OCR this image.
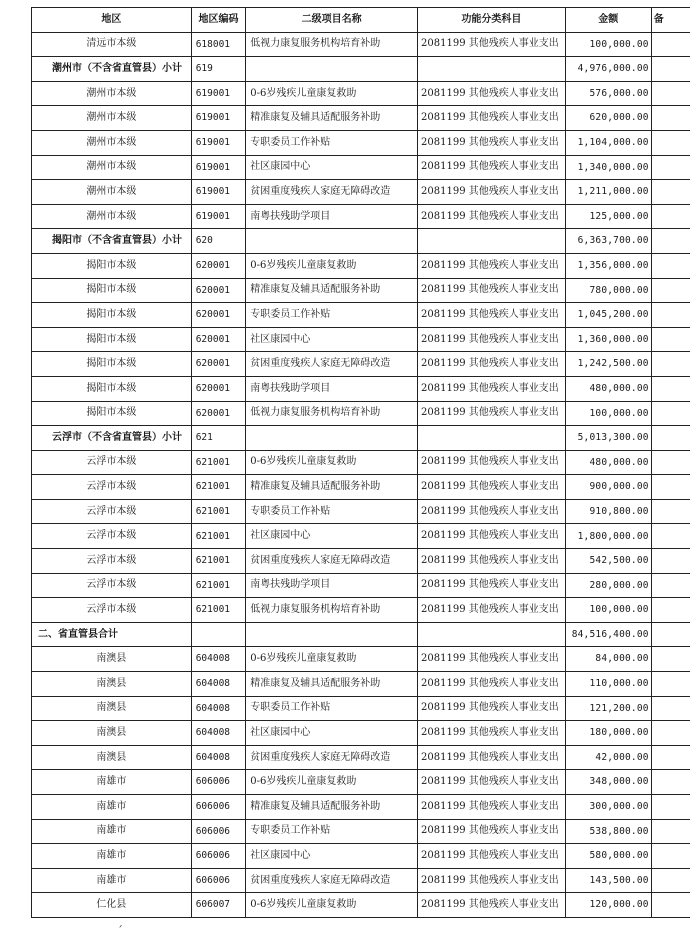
地区	地区编码	二级项目名称	功能分类科目	金额	备
清远市本级	618001	低视力康复服务机构培育补助	2081199 其他残疾人事业支出	100,000.00	
潮州市（不含省直管县）小计	619			4,976,000.00	
潮州市本级	619001	0-6岁残疾儿童康复救助	2081199 其他残疾人事业支出	576,000.00	
潮州市本级	619001	精准康复及辅具适配服务补助	2081199 其他残疾人事业支出	620,000.00	
潮州市本级	619001	专职委员工作补贴	2081199 其他残疾人事业支出	1,104,000.00	
潮州市本级	619001	社区康园中心	2081199 其他残疾人事业支出	1,340,000.00	
潮州市本级	619001	贫困重度残疾人家庭无障碍改造	2081199 其他残疾人事业支出	1,211,000.00	
潮州市本级	619001	南粤扶残助学项目	2081199 其他残疾人事业支出	125,000.00	
揭阳市（不含省直管县）小计	620			6,363,700.00	
揭阳市本级	620001	0-6岁残疾儿童康复救助	2081199 其他残疾人事业支出	1,356,000.00	
揭阳市本级	620001	精准康复及辅具适配服务补助	2081199 其他残疾人事业支出	780,000.00	
揭阳市本级	620001	专职委员工作补贴	2081199 其他残疾人事业支出	1,045,200.00	
揭阳市本级	620001	社区康园中心	2081199 其他残疾人事业支出	1,360,000.00	
揭阳市本级	620001	贫困重度残疾人家庭无障碍改造	2081199 其他残疾人事业支出	1,242,500.00	
揭阳市本级	620001	南粤扶残助学项目	2081199 其他残疾人事业支出	480,000.00	
揭阳市本级	620001	低视力康复服务机构培育补助	2081199 其他残疾人事业支出	100,000.00	
云浮市（不含省直管县）小计	621			5,013,300.00	
云浮市本级	621001	0-6岁残疾儿童康复救助	2081199 其他残疾人事业支出	480,000.00	
云浮市本级	621001	精准康复及辅具适配服务补助	2081199 其他残疾人事业支出	900,000.00	
云浮市本级	621001	专职委员工作补贴	2081199 其他残疾人事业支出	910,800.00	
云浮市本级	621001	社区康园中心	2081199 其他残疾人事业支出	1,800,000.00	
云浮市本级	621001	贫困重度残疾人家庭无障碍改造	2081199 其他残疾人事业支出	542,500.00	
云浮市本级	621001	南粤扶残助学项目	2081199 其他残疾人事业支出	280,000.00	
云浮市本级	621001	低视力康复服务机构培育补助	2081199 其他残疾人事业支出	100,000.00	
二、省直管县合计				84,516,400.00	
南澳县	604008	0-6岁残疾儿童康复救助	2081199 其他残疾人事业支出	84,000.00	
南澳县	604008	精准康复及辅具适配服务补助	2081199 其他残疾人事业支出	110,000.00	
南澳县	604008	专职委员工作补贴	2081199 其他残疾人事业支出	121,200.00	
南澳县	604008	社区康园中心	2081199 其他残疾人事业支出	180,000.00	
南澳县	604008	贫困重度残疾人家庭无障碍改造	2081199 其他残疾人事业支出	42,000.00	
南雄市	606006	0-6岁残疾儿童康复救助	2081199 其他残疾人事业支出	348,000.00	
南雄市	606006	精准康复及辅具适配服务补助	2081199 其他残疾人事业支出	300,000.00	
南雄市	606006	专职委员工作补贴	2081199 其他残疾人事业支出	538,800.00	
南雄市	606006	社区康园中心	2081199 其他残疾人事业支出	580,000.00	
南雄市	606006	贫困重度残疾人家庭无障碍改造	2081199 其他残疾人事业支出	143,500.00	
仁化县	606007	0-6岁残疾儿童康复救助	2081199 其他残疾人事业支出	120,000.00	
ˊ
